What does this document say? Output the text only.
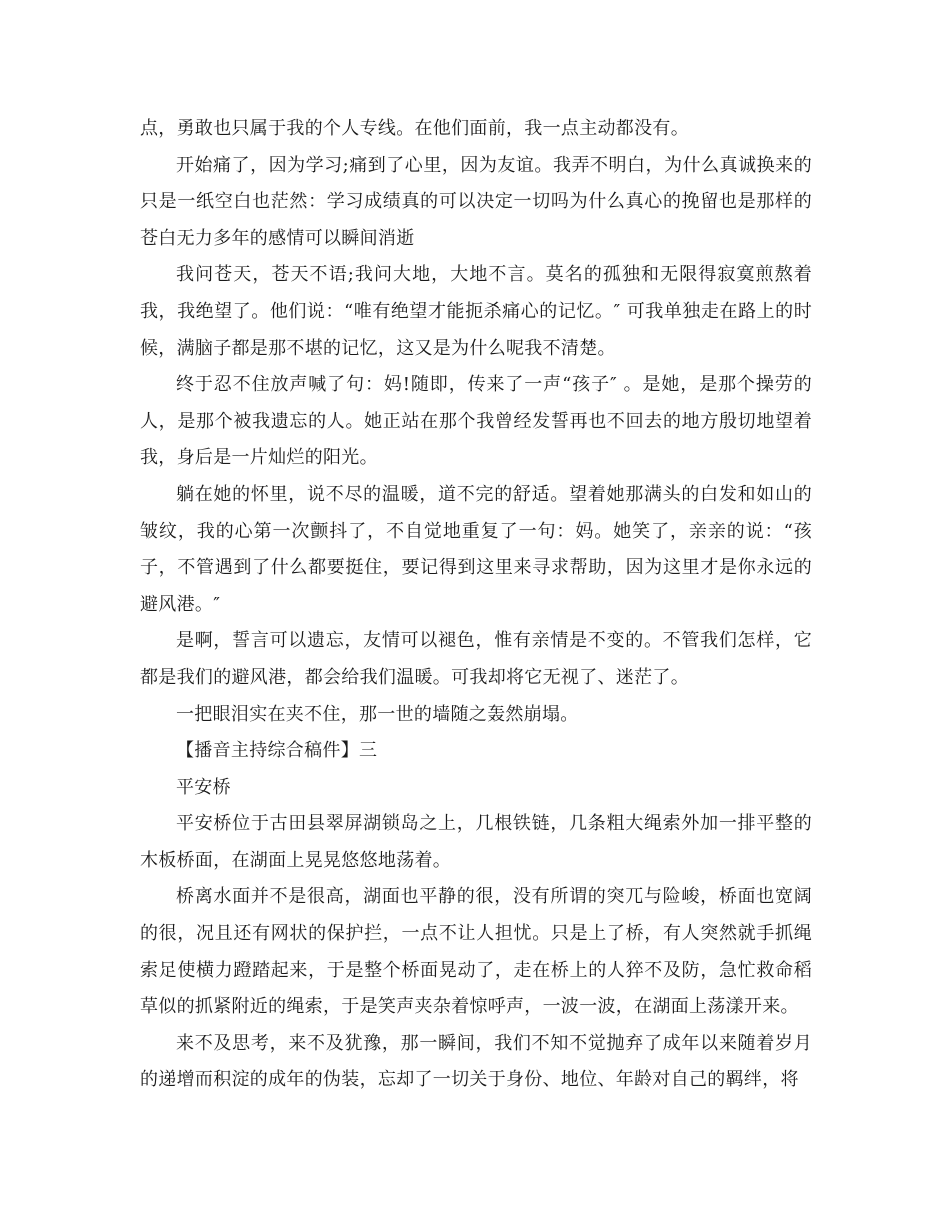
点，勇敢也只属于我的个人专线。在他们面前，我一点主动都没有。

开始痛了，因为学习;痛到了心里，因为友谊。我弄不明白，为什么真诚换来的只是一纸空白也茫然：学习成绩真的可以决定一切吗为什么真心的挽留也是那样的苍白无力多年的感情可以瞬间消逝

我问苍天，苍天不语;我问大地，大地不言。莫名的孤独和无限得寂寞煎熬着我，我绝望了。他们说：“唯有绝望才能扼杀痛心的记忆。″ 可我单独走在路上的时候，满脑子都是那不堪的记忆，这又是为什么呢我不清楚。

终于忍不住放声喊了句：妈!随即，传来了一声“孩子″ 。是她，是那个操劳的人，是那个被我遗忘的人。她正站在那个我曾经发誓再也不回去的地方殷切地望着我，身后是一片灿烂的阳光。

躺在她的怀里，说不尽的温暖，道不完的舒适。望着她那满头的白发和如山的皱纹，我的心第一次颤抖了，不自觉地重复了一句：妈。她笑了，亲亲的说：“孩子，不管遇到了什么都要挺住，要记得到这里来寻求帮助，因为这里才是你永远的避风港。″

是啊，誓言可以遗忘，友情可以褪色，惟有亲情是不变的。不管我们怎样，它都是我们的避风港，都会给我们温暖。可我却将它无视了、迷茫了。

一把眼泪实在夹不住，那一世的墙随之轰然崩塌。

【播音主持综合稿件】三

平安桥

平安桥位于古田县翠屏湖锁岛之上，几根铁链，几条粗大绳索外加一排平整的木板桥面，在湖面上晃晃悠悠地荡着。

桥离水面并不是很高，湖面也平静的很，没有所谓的突兀与险峻，桥面也宽阔的很，况且还有网状的保护拦，一点不让人担忧。只是上了桥，有人突然就手抓绳索足使横力蹬踏起来，于是整个桥面晃动了，走在桥上的人猝不及防，急忙救命稻草似的抓紧附近的绳索，于是笑声夹杂着惊呼声，一波一波，在湖面上荡漾开来。

来不及思考，来不及犹豫，那一瞬间，我们不知不觉抛弃了成年以来随着岁月的递增而积淀的成年的伪装，忘却了一切关于身份、地位、年龄对自己的羁绊，将
